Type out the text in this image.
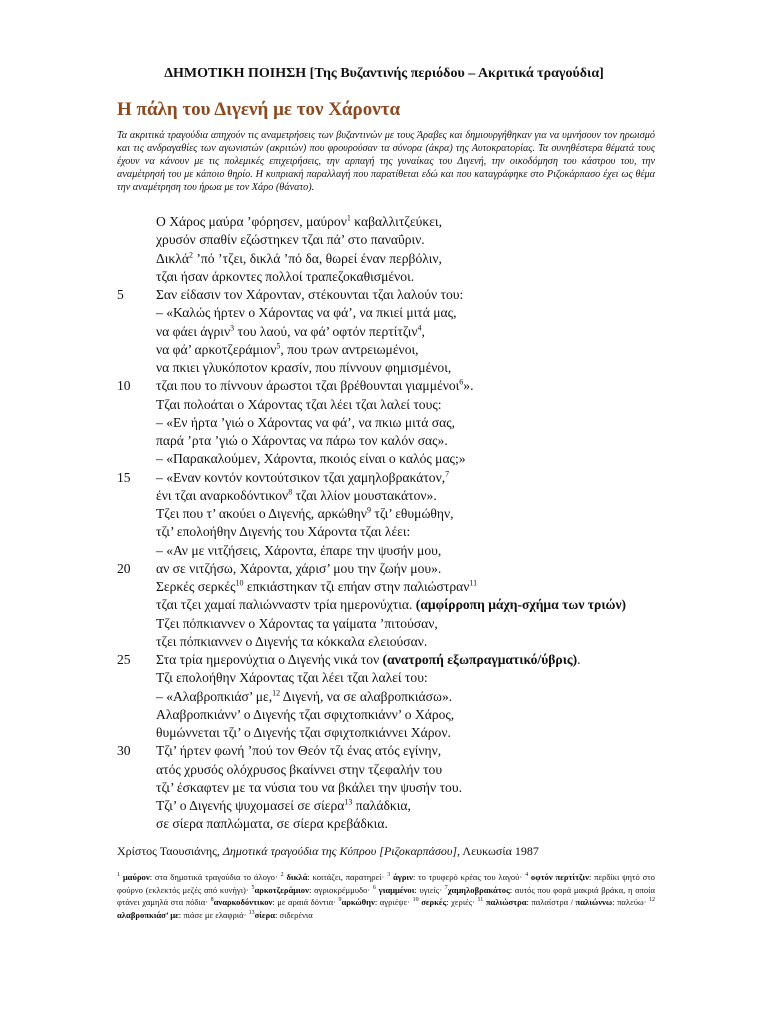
ΔΗΜΟΤΙΚΗ ΠΟΙΗΣΗ [Της Βυζαντινής περιόδου – Ακριτικά τραγούδια]
Η πάλη του Διγενή με τον Χάροντα
Τα ακριτικά τραγούδια απηχούν τις αναμετρήσεις των βυζαντινών με τους Άραβες και δημιουργήθηκαν για να υμνήσουν τον ηρωισμό και τις ανδραγαθίες των αγωνιστών (ακριτών) που φρουρούσαν τα σύνορα (άκρα) της Αυτοκρατορίας. Τα συνηθέστερα θέματά τους έχουν να κάνουν με τις πολεμικές επιχειρήσεις, την αρπαγή της γυναίκας του Διγενή, την οικοδόμηση του κάστρου του, την αναμέτρησή του με κάποιο θηρίο. Η κυπριακή παραλλαγή που παρατίθεται εδώ και που καταγράφηκε στο Ριζοκάρπασο έχει ως θέμα την αναμέτρηση του ήρωα με τον Χάρο (θάνατο).
Ο Χάρος μαύρα ’φόρησεν, μαύρον$^1$ καβαλλιτζεύκει,
χρυσόν σπαθίν εζώστηκεν τζαι πά’ στο παναΰριν.
Δικλά$^2$ ’πό ’τζει, δικλά ’πό δα, θωρεί έναν περβόλιν,
τζαι ήσαν άρκοντες πολλοί τραπεζοκαθισμένοι.
5 Σαν είδασιν τον Χάρονταν, στέκουνται τζαι λαλούν του:
– «Καλώς ήρτεν ο Χάροντας να φά’, να πκιεί μιτά μας,
να φάει άγριν$^3$ του λαού, να φά’ οφτόν περτίτζιν$^4$,
να φά’ αρκοτζεράμιον$^5$, που τρων αντρειωμένοι,
να πκιει γλυκόποτον κρασίν, που πίννουν φημισμένοι,
10 τζαι που το πίννουν άρωστοι τζαι βρέθουνται γιαμμένοι$^6$».
Τζαι πολοάται ο Χάροντας τζαι λέει τζαι λαλεί τους:
– «Εν ήρτα ’γιώ ο Χάροντας να φά’, να πκιω μιτά σας,
παρά ’ρτα ’γιώ ο Χάροντας να πάρω τον καλόν σας».
– «Παρακαλούμεν, Χάροντα, πκοιός είναι ο καλός μας;»
15 – «Εναν κοντόν κοντούτσικον τζαι χαμηλοβρακάτον,$^7$
ένι τζαι αναρκοδόντικον$^8$ τζαι λλίον μουστακάτον».
Τζει που τ’ ακούει ο Διγενής, αρκώθην$^9$ τζι’ εθυμώθην,
τζι’ επολοήθην Διγενής του Χάροντα τζαι λέει:
– «Αν με νιτζήσεις, Χάροντα, έπαρε την ψυσήν μου,
20 αν σε νιτζήσω, Χάροντα, χάρισ’ μου την ζωήν μου».
Σερκές σερκές$^{10}$ επκιάστηκαν τζι επήαν στην παλιώστραν$^{11}$
τζαι τζει χαμαί παλιώνναστν τρία ημερονύχτια. (αμφίρροπη μάχη-σχήμα των τριών)
Τζει πόπκιαννεν ο Χάροντας τα γαίματα ’πιτούσαν,
τζει πόπκιαννεν ο Διγενής τα κόκκαλα ελειούσαν.
25 Στα τρία ημερονύχτια ο Διγενής νικά τον (ανατροπή εξωπραγματικό/ύβρις).
Τζι επολοήθην Χάροντας τζαι λέει τζαι λαλεί του:
– «Αλαβροπκιάσ’ με,$^{12}$ Διγενή, να σε αλαβροπκιάσω».
Αλαβροπκιάνν’ ο Διγενής τζαι σφιχτοπκιάνν’ ο Χάρος,
θυμώννεται τζι’ ο Διγενής τζαι σφιχτοπκιάννει Χάρον.
30 Τζι’ ήρτεν φωνή ’πού τον Θεόν τζι ένας ατός εγίνην,
ατός χρυσός ολόχρυσος βκαίννει στην τζεφαλήν του
τζι’ έσκαφτεν με τα νύσια του να βκάλει την ψυσήν του.
Τζι’ ο Διγενής ψυχομασεί σε σίερα$^{13}$ παλάδκια,
σε σίερα παπλώματα, σε σίερα κρεβάδκια.
Χρίστος Ταουσιάνης, Δημοτικά τραγούδια της Κύπρου [Ριζοκαρπάσου], Λευκωσία 1987
$^1$ μαύρον: στα δημοτικά τραγούδια το άλογο· $^2$ δικλά: κοιτάζει, παρατηρεί· $^3$ άγριν: το τρυφερό κρέας του λαγού· $^4$ οφτόν περτίτζιν: περδίκι ψητό στο φούρνο (εκλεκτός μεζές από κυνήγι)· $^5$αρκοτζεράμιον: αγριοκρέμμυδο· $^6$ γιαμμένοι: υγιείς· $^7$χαμηλοβρακάτος: αυτός που φορά μακριά βράκα, η οποία φτάνει χαμηλά στα πόδια· $^8$αναρκοδόντικον: με αραιά δόντια· $^9$αρκώθην: αγριέψε· $^{10}$ σερκές: χεριές· $^{11}$ παλιώστρα: παλαίστρα / παλιώννω: παλεύω· $^{12}$ αλαβροπκιάσ’ με: πιάσε με ελαφριά· $^{13}$σίερα: σιδερένια
